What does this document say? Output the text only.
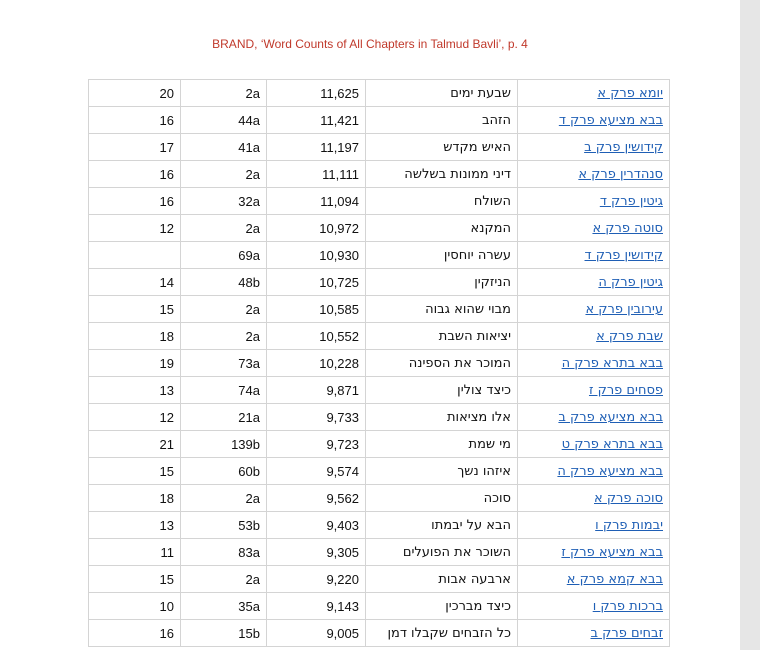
BRAND, ‘Word Counts of All Chapters in Talmud Bavli’, p. 4
20	2a	11,625	שבעת ימים	יומא פרק א
16	44a	11,421	הזהב	בבא מציעא פרק ד
17	41a	11,197	האיש מקדש	קידושין פרק ב
16	2a	11,111	דיני ממונות בשלשה	סנהדרין פרק א
16	32a	11,094	השולח	גיטין פרק ד
12	2a	10,972	המקנא	סוטה פרק א
	69a	10,930	עשרה יוחסין	קידושין פרק ד
14	48b	10,725	הניזקין	גיטין פרק ה
15	2a	10,585	מבוי שהוא גבוה	עירובין פרק א
18	2a	10,552	יציאות השבת	שבת פרק א
19	73a	10,228	המוכר את הספינה	בבא בתרא פרק ה
13	74a	9,871	כיצד צולין	פסחים פרק ז
12	21a	9,733	אלו מציאות	בבא מציעא פרק ב
21	139b	9,723	מי שמת	בבא בתרא פרק ט
15	60b	9,574	איזהו נשך	בבא מציעא פרק ה
18	2a	9,562	סוכה	סוכה פרק א
13	53b	9,403	הבא על יבמתו	יבמות פרק ו
11	83a	9,305	השוכר את הפועלים	בבא מציעא פרק ז
15	2a	9,220	ארבעה אבות	בבא קמא פרק א
10	35a	9,143	כיצד מברכין	ברכות פרק ו
16	15b	9,005	כל הזבחים שקבלו דמן	זבחים פרק ב
